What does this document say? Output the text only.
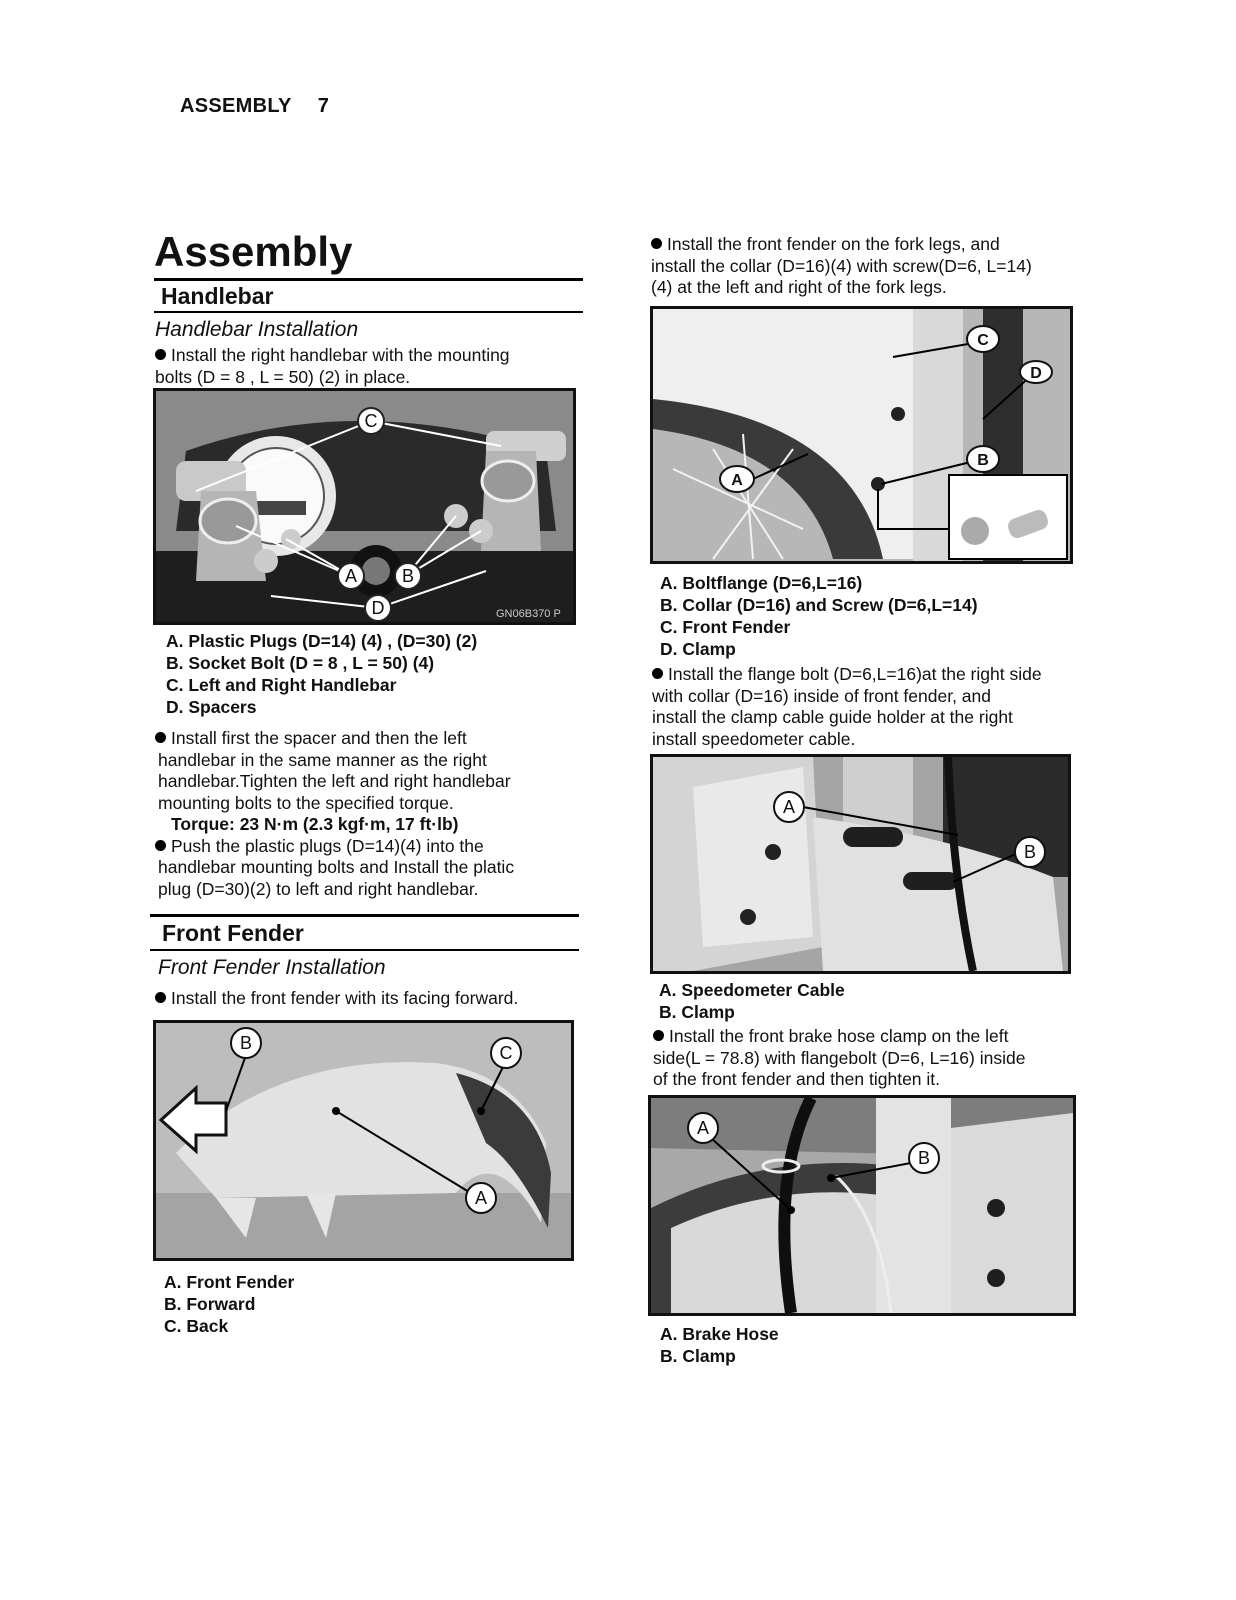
ASSEMBLY 7
Assembly
Handlebar
Handlebar Installation
Install the right handlebar with the mounting
bolts (D = 8 , L = 50) (2) in place.
C
A B
D	GN06B370 P
A. Plastic Plugs (D=14) (4) , (D=30) (2)
B. Socket Bolt (D = 8 , L = 50) (4)
C. Left and Right Handlebar
D. Spacers
Install first the spacer and then the left
handlebar in the same manner as the right
handlebar.Tighten the left and right handlebar
mounting bolts to the specified torque.
Torque: 23 N·m (2.3 kgf·m, 17 ft·lb)
Push the plastic plugs (D=14)(4) into the
handlebar mounting bolts and Install the platic
plug (D=30)(2) to left and right handlebar.
Front Fender
Front Fender Installation
Install the front fender with its facing forward.
B	C
A
A. Front Fender
B. Forward
C. Back
Install the front fender on the fork legs, and
install the collar (D=16)(4) with screw(D=6, L=14)
(4) at the left and right of the fork legs.
C
D
B
A
A. Boltflange (D=6,L=16)
B. Collar (D=16) and Screw (D=6,L=14)
C. Front Fender
D. Clamp
Install the flange bolt (D=6,L=16)at the right side
with collar (D=16) inside of front fender, and
install the clamp cable guide holder at the right
install speedometer cable.
A
B
A. Speedometer Cable
B. Clamp
Install the front brake hose clamp on the left
side(L = 78.8) with flangebolt (D=6, L=16) inside
of the front fender and then tighten it.
A
B
A. Brake Hose
B. Clamp
